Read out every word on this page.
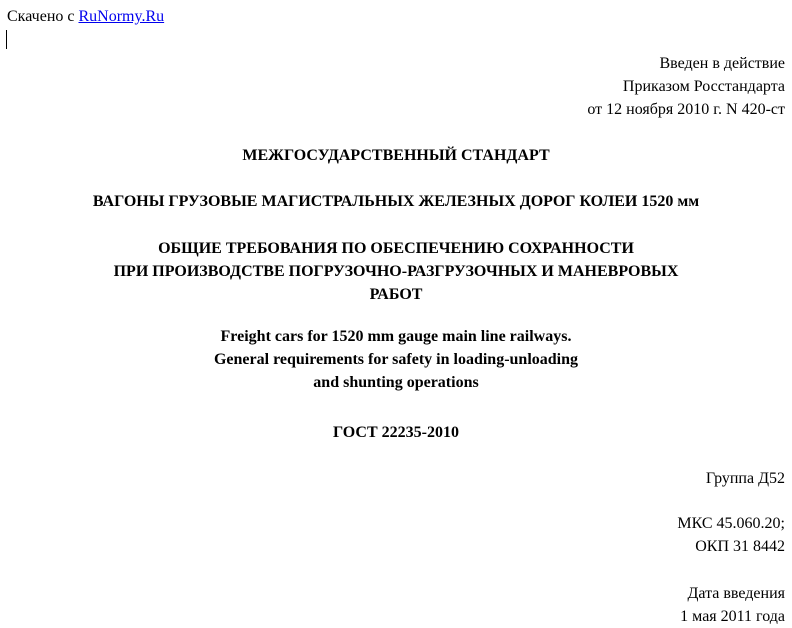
Скачено с RuNormy.Ru
Введен в действие
Приказом Росстандарта
от 12 ноября 2010 г. N 420-ст
МЕЖГОСУДАРСТВЕННЫЙ СТАНДАРТ
ВАГОНЫ ГРУЗОВЫЕ МАГИСТРАЛЬНЫХ ЖЕЛЕЗНЫХ ДОРОГ КОЛЕИ 1520 мм
ОБЩИЕ ТРЕБОВАНИЯ ПО ОБЕСПЕЧЕНИЮ СОХРАННОСТИ
ПРИ ПРОИЗВОДСТВЕ ПОГРУЗОЧНО-РАЗГРУЗОЧНЫХ И МАНЕВРОВЫХ
РАБОТ
Freight cars for 1520 mm gauge main line railways.
General requirements for safety in loading-unloading
and shunting operations
ГОСТ 22235-2010
Группа Д52
МКС 45.060.20;
ОКП 31 8442
Дата введения
1 мая 2011 года
